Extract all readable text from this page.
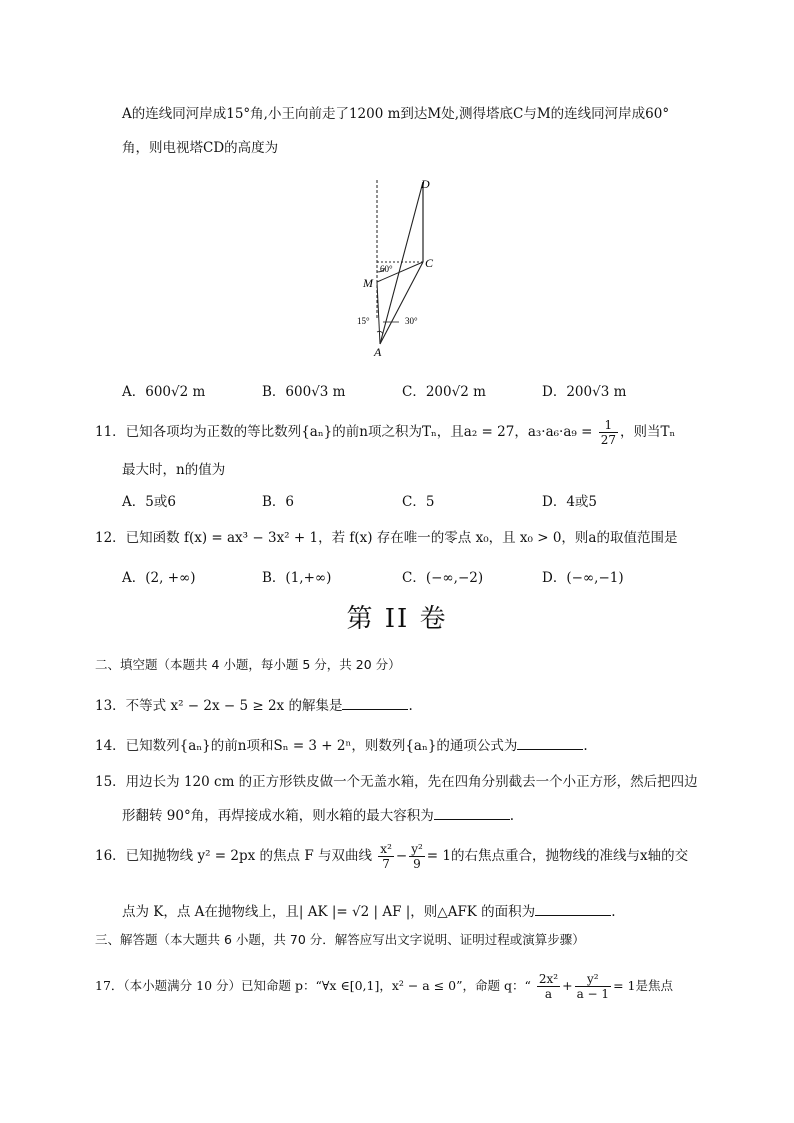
A的连线同河岸成15°角,小王向前走了1200 m到达M处,测得塔底C与M的连线同河岸成60°
角，则电视塔CD的高度为
D
C
M
A
60°
15°	30°
A．600√2 m	B．600√3 m	C．200√2 m	D．200√3 m
11．已知各项均为正数的等比数列{aₙ}的前n项之积为Tₙ，且a₂ = 27，$a_3\cdot a_6\cdot a_9 = \frac{1}{27}$ ，则当Tₙ
最大时，n的值为
A．5或6	B．6	C．5	D．4或5
12．已知函数 f(x) = ax³ − 3x² + 1，若 f(x) 存在唯一的零点 x₀，且 x₀ > 0，则a的取值范围是
A．(2, +∞)	B．(1,+∞)	C．(−∞,−2)	D．(−∞,−1)
第 II 卷
二、填空题（本题共 4 小题，每小题 5 分，共 20 分）
13．不等式 x² − 2x − 5 ≥ 2x 的解集是	.
14．已知数列{aₙ}的前n项和Sₙ = 3 + 2ⁿ，则数列{aₙ}的通项公式为	.
15．用边长为 120 cm 的正方形铁皮做一个无盖水箱，先在四角分别截去一个小正方形，然后把四边
形翻转 90°角，再焊接成水箱，则水箱的最大容积为	.
16．已知抛物线 y² = 2px 的焦点 F 与双曲线 $\frac{\text{x²}}{7} - \frac{\text{y²}}{9} = 1$的右焦点重合，抛物线的准线与x轴的交
点为 K，点 A在抛物线上，且| AK |= √2 | AF |，则△AFK 的面积为	.
三、解答题（本大题共 6 小题，共 70 分．解答应写出文字说明、证明过程或演算步骤）
17．（本小题满分 10 分）已知命题 p：“∀x ∈[0,1]，x² − a ≤ 0”，命题 q：“ $\frac{\text{2x²}}{a} + \frac{\text{y²}}{a - 1} = 1$是焦点
